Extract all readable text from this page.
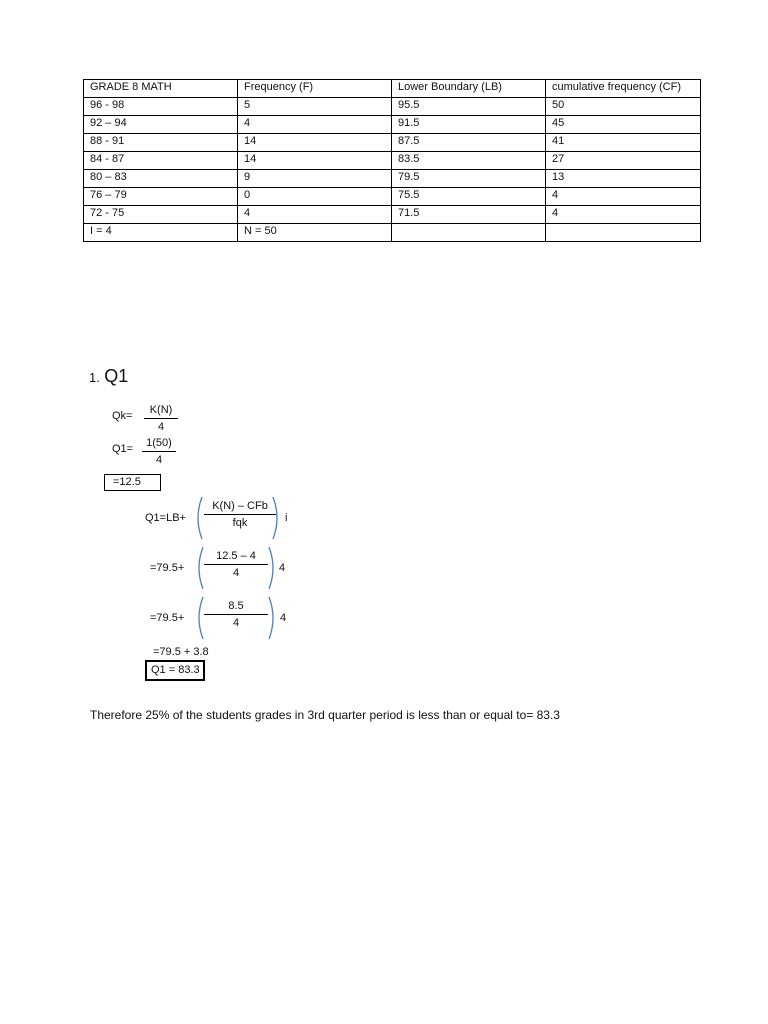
GRADE 8 MATH	Frequency (F)	Lower Boundary (LB)	cumulative frequency (CF)
96 - 98	5	95.5	50
92 – 94	4	91.5	45
88 - 91	14	87.5	41
84 - 87	14	83.5	27
80 – 83	9	79.5	13
76 – 79	0	75.5	4
72 - 75	4	71.5	4
I = 4	N = 50		
1. Q1
Qk=	K(N)
4
Q1=	1(50)
4
=12.5
Q1=LB+
K(N) – CFb
fqk	i
=79.5+
12.5 – 4
4	4
=79.5+
8.5
4	4
=79.5 + 3.8
Q1 = 83.3
Therefore 25% of the students grades in 3rd quarter period is less than or equal to= 83.3
